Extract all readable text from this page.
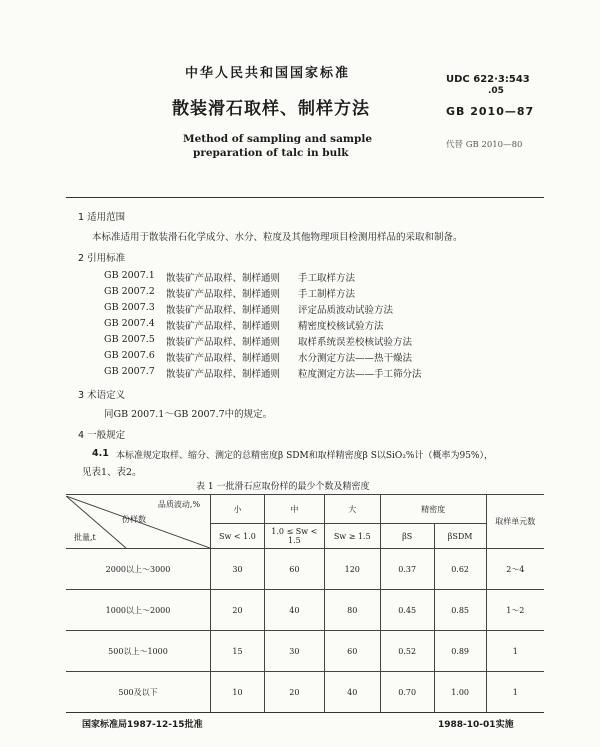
中华人民共和国国家标准
散装滑石取样、制样方法
Method of sampling and sample
preparation of talc in bulk
UDC 622·3:543
.05
GB 2010—87
代替 GB 2010—80
1 适用范围
本标准适用于散装滑石化学成分、水分、粒度及其他物理项目检测用样品的采取和制备。
2 引用标准
GB 2007.1 散装矿产品取样、制样通则 手工取样方法
GB 2007.2 散装矿产品取样、制样通则 手工制样方法
GB 2007.3 散装矿产品取样、制样通则 评定品质波动试验方法
GB 2007.4 散装矿产品取样、制样通则 精密度校核试验方法
GB 2007.5 散装矿产品取样、制样通则 取样系统误差校核试验方法
GB 2007.6 散装矿产品取样、制样通则 水分测定方法——热干燥法
GB 2007.7 散装矿产品取样、制样通则 粒度测定方法——手工筛分法
3 术语定义
同GB 2007.1～GB 2007.7中的规定。
4 一般规定
4.1 本标准规定取样、缩分、测定的总精密度β SDM和取样精密度β S以SiO₂%计（概率为95%），
见表1、表2。
表 1 一批滑石应取份样的最少个数及精密度
品质波动,%
份样数
批量,t	小	中	大	精密度		取样单元数
	Sw < 1.0	1.0 ≤ Sw < 1.5	Sw ≥ 1.5	βS	βSDM	
2000以上～3000	30	60	120	0.37	0.62	2～4
1000以上～2000	20	40	80	0.45	0.85	1～2
500以上～1000	15	30	60	0.52	0.89	1
500及以下	10	20	40	0.70	1.00	1
国家标准局1987-12-15批准	1988-10-01实施
